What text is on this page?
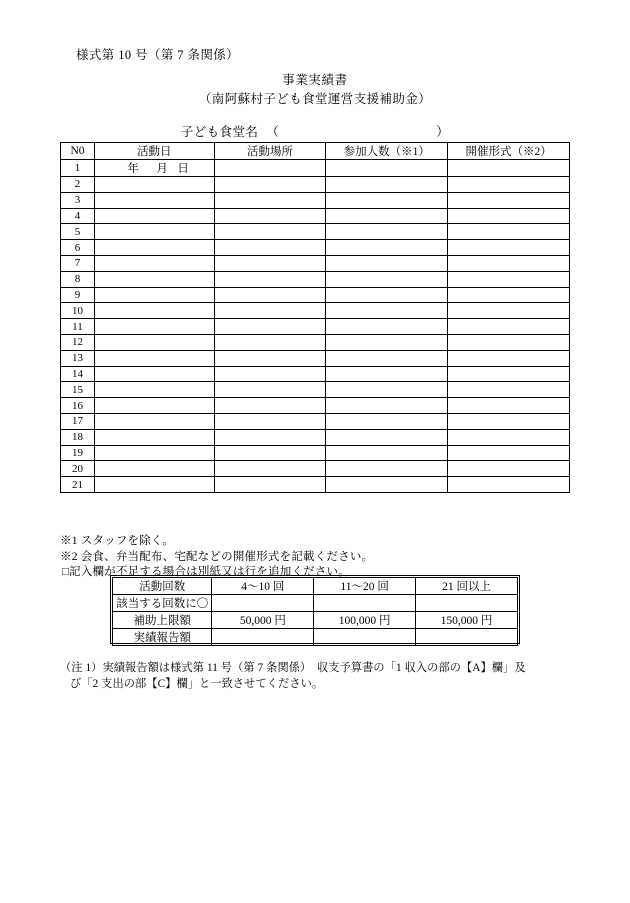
様式第 10 号（第 7 条関係）
事業実績書
（南阿蘇村子ども食堂運営支援補助金）
子ども食堂名 （	）
N0	活動日	活動場所	参加人数（※1）	開催形式（※2）
1	年 月 日			
2				
3				
4				
5				
6				
7				
8				
9				
10				
11				
12				
13				
14				
15				
16				
17				
18				
19				
20				
21				
※1 スタッフを除く。
※2 会食、弁当配布、宅配などの開催形式を記載ください。
□記入欄が不足する場合は別紙又は行を追加ください。
活動回数	4〜10 回	11〜20 回	21 回以上
該当する回数に〇			
補助上限額	50,000 円	100,000 円	150,000 円
実績報告額			
（注 1）実績報告額は様式第 11 号（第 7 条関係）　収支予算書の「1 収入の部の【A】欄」及
び「2 支出の部【C】欄」と一致させてください。
